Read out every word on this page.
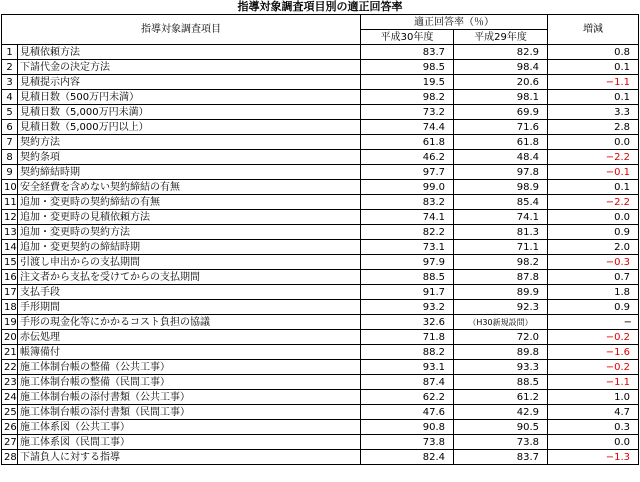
指導対象調査項目別の適正回答率
指導対象調査項目		適正回答率（％）		増減
		平成30年度	平成29年度	
1	見積依頼方法	83.7	82.9	0.8
2	下請代金の決定方法	98.5	98.4	0.1
3	見積提示内容	19.5	20.6	−1.1
4	見積日数（500万円未満）	98.2	98.1	0.1
5	見積日数（5,000万円未満）	73.2	69.9	3.3
6	見積日数（5,000万円以上）	74.4	71.6	2.8
7	契約方法	61.8	61.8	0.0
8	契約条項	46.2	48.4	−2.2
9	契約締結時期	97.7	97.8	−0.1
10	安全経費を含めない契約締結の有無	99.0	98.9	0.1
11	追加・変更時の契約締結の有無	83.2	85.4	−2.2
12	追加・変更時の見積依頼方法	74.1	74.1	0.0
13	追加・変更時の契約方法	82.2	81.3	0.9
14	追加・変更契約の締結時期	73.1	71.1	2.0
15	引渡し申出からの支払期間	97.9	98.2	−0.3
16	注文者から支払を受けてからの支払期間	88.5	87.8	0.7
17	支払手段	91.7	89.9	1.8
18	手形期間	93.2	92.3	0.9
19	手形の現金化等にかかるコスト負担の協議	32.6	（H30新規設問）	−
20	赤伝処理	71.8	72.0	−0.2
21	帳簿備付	88.2	89.8	−1.6
22	施工体制台帳の整備（公共工事）	93.1	93.3	−0.2
23	施工体制台帳の整備（民間工事）	87.4	88.5	−1.1
24	施工体制台帳の添付書類（公共工事）	62.2	61.2	1.0
25	施工体制台帳の添付書類（民間工事）	47.6	42.9	4.7
26	施工体系図（公共工事）	90.8	90.5	0.3
27	施工体系図（民間工事）	73.8	73.8	0.0
28	下請負人に対する指導	82.4	83.7	−1.3
